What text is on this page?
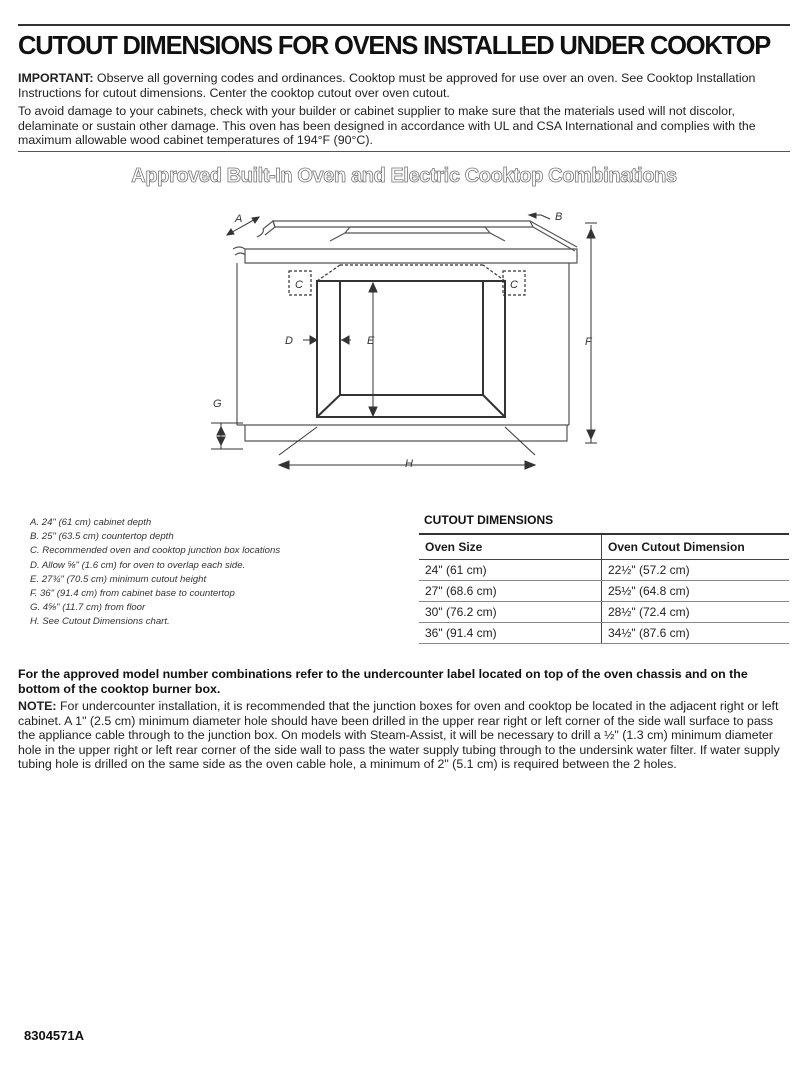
CUTOUT DIMENSIONS FOR OVENS INSTALLED UNDER COOKTOP
IMPORTANT: Observe all governing codes and ordinances. Cooktop must be approved for use over an oven. See Cooktop Installation Instructions for cutout dimensions. Center the cooktop cutout over oven cutout.
To avoid damage to your cabinets, check with your builder or cabinet supplier to make sure that the materials used will not discolor, delaminate or sustain other damage. This oven has been designed in accordance with UL and CSA International and complies with the maximum allowable wood cabinet temperatures of 194°F (90°C).
Approved Built-In Oven and Electric Cooktop Combinations
A	B
C	C
D	E	F
G
H
A. 24" (61 cm) cabinet depth
B. 25" (63.5 cm) countertop depth
C. Recommended oven and cooktop junction box locations
D. Allow ⅝" (1.6 cm) for oven to overlap each side.
E. 27¾" (70.5 cm) minimum cutout height
F. 36" (91.4 cm) from cabinet base to countertop
G. 4⅝" (11.7 cm) from floor
H. See Cutout Dimensions chart.
CUTOUT DIMENSIONS
Oven Size	Oven Cutout Dimension
24" (61 cm)	22½" (57.2 cm)
27" (68.6 cm)	25½" (64.8 cm)
30" (76.2 cm)	28½" (72.4 cm)
36" (91.4 cm)	34½" (87.6 cm)
For the approved model number combinations refer to the undercounter label located on top of the oven chassis and on the bottom of the cooktop burner box.
NOTE: For undercounter installation, it is recommended that the junction boxes for oven and cooktop be located in the adjacent right or left cabinet. A 1" (2.5 cm) minimum diameter hole should have been drilled in the upper rear right or left corner of the side wall surface to pass the appliance cable through to the junction box. On models with Steam-Assist, it will be necessary to drill a ½" (1.3 cm) minimum diameter hole in the upper right or left rear corner of the side wall to pass the water supply tubing through to the undersink water filter. If water supply tubing hole is drilled on the same side as the oven cable hole, a minimum of 2" (5.1 cm) is required between the 2 holes.
8304571A
